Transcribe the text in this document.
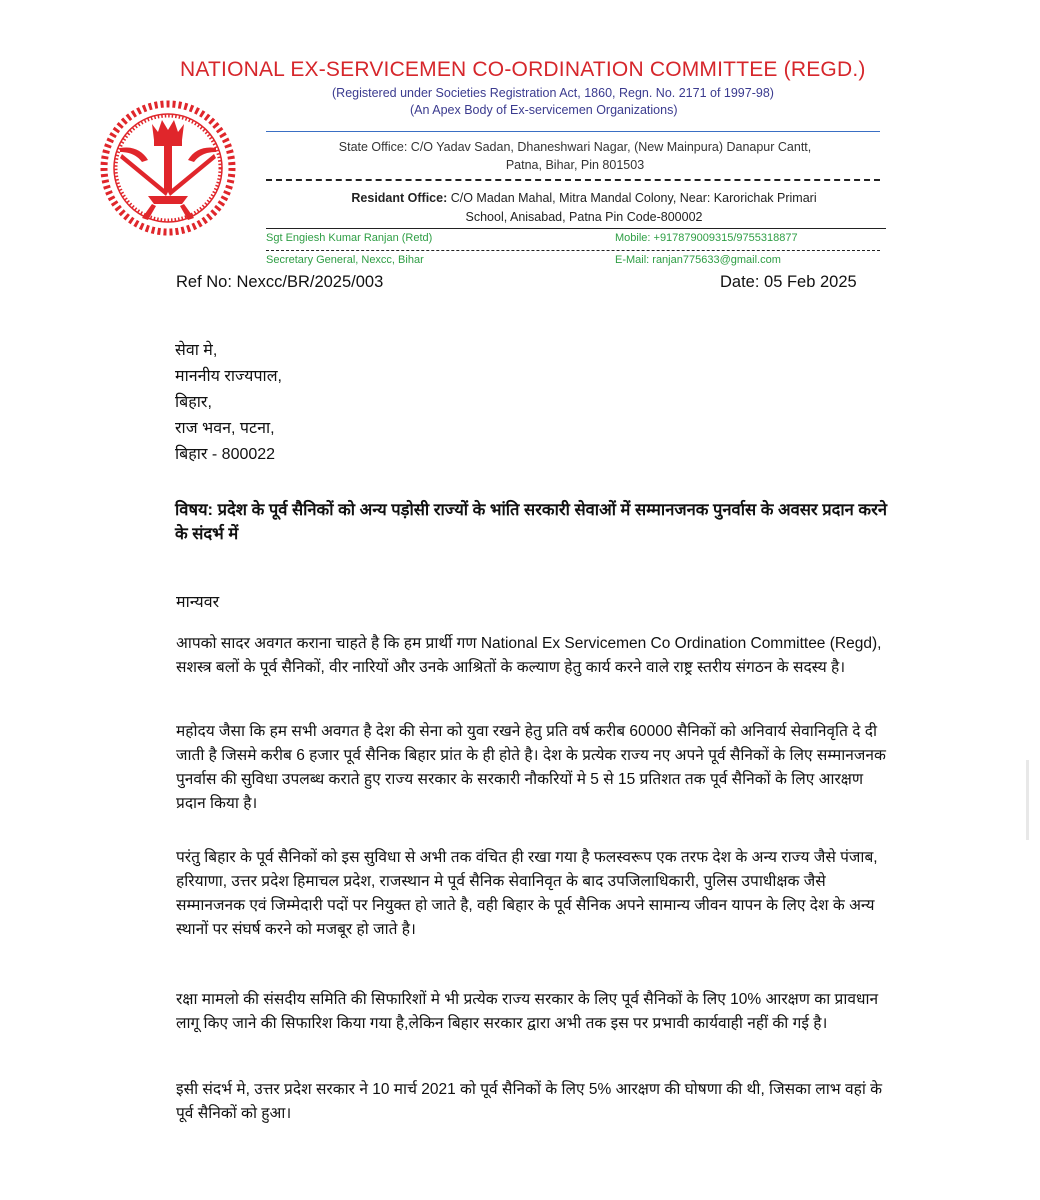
NATIONAL EX-SERVICEMEN CO-ORDINATION COMMITTEE (REGD.)
(Registered under Societies Registration Act, 1860, Regn. No. 2171 of 1997-98)
(An Apex Body of Ex-servicemen Organizations)
State Office: C/O Yadav Sadan, Dhaneshwari Nagar, (New Mainpura) Danapur Cantt,
Patna, Bihar, Pin 801503
Residant Office: C/O Madan Mahal, Mitra Mandal Colony, Near: Karorichak Primari
School, Anisabad, Patna Pin Code-800002
Sgt Engiesh Kumar Ranjan (Retd)	Mobile: +917879009315/9755318877
Secretary General, Nexcc, Bihar	E-Mail: ranjan775633@gmail.com
Ref No: Nexcc/BR/2025/003	Date: 05 Feb 2025
सेवा मे,
माननीय राज्यपाल,
बिहार,
राज भवन, पटना,
बिहार - 800022
विषय: प्रदेश के पूर्व सैनिकों को अन्य पड़ोसी राज्यों के भांति सरकारी सेवाओं में सम्मानजनक पुनर्वास के अवसर प्रदान करने के संदर्भ में
मान्यवर
आपको सादर अवगत कराना चाहते है कि हम प्रार्थी गण National Ex Servicemen Co Ordination Committee (Regd), सशस्त्र बलों के पूर्व सैनिकों, वीर नारियों और उनके आश्रितों के कल्याण हेतु कार्य करने वाले राष्ट्र स्तरीय संगठन के सदस्य है।
महोदय जैसा कि हम सभी अवगत है देश की सेना को युवा रखने हेतु प्रति वर्ष करीब 60000 सैनिकों को अनिवार्य सेवानिवृति दे दी जाती है जिसमे करीब 6 हजार पूर्व सैनिक बिहार प्रांत के ही होते है। देश के प्रत्येक राज्य नए अपने पूर्व सैनिकों के लिए सम्मानजनक पुनर्वास की सुविधा उपलब्ध कराते हुए राज्य सरकार के सरकारी नौकरियों मे 5 से 15 प्रतिशत तक पूर्व सैनिकों के लिए आरक्षण प्रदान किया है।
परंतु बिहार के पूर्व सैनिकों को इस सुविधा से अभी तक वंचित ही रखा गया है फलस्वरूप एक तरफ देश के अन्य राज्य जैसे पंजाब, हरियाणा, उत्तर प्रदेश हिमाचल प्रदेश, राजस्थान मे पूर्व सैनिक सेवानिवृत के बाद उपजिलाधिकारी, पुलिस उपाधीक्षक जैसे सम्मानजनक एवं जिम्मेदारी पदों पर नियुक्त हो जाते है, वही बिहार के पूर्व सैनिक अपने सामान्य जीवन यापन के लिए देश के अन्य स्थानों पर संघर्ष करने को मजबूर हो जाते है।
रक्षा मामलो की संसदीय समिति की सिफारिशों मे भी प्रत्येक राज्य सरकार के लिए पूर्व सैनिकों के लिए 10% आरक्षण का प्रावधान लागू किए जाने की सिफारिश किया गया है,लेकिन बिहार सरकार द्वारा अभी तक इस पर प्रभावी कार्यवाही नहीं की गई है।
इसी संदर्भ मे, उत्तर प्रदेश सरकार ने 10 मार्च 2021 को पूर्व सैनिकों के लिए 5% आरक्षण की घोषणा की थी, जिसका लाभ वहां के पूर्व सैनिकों को हुआ।
